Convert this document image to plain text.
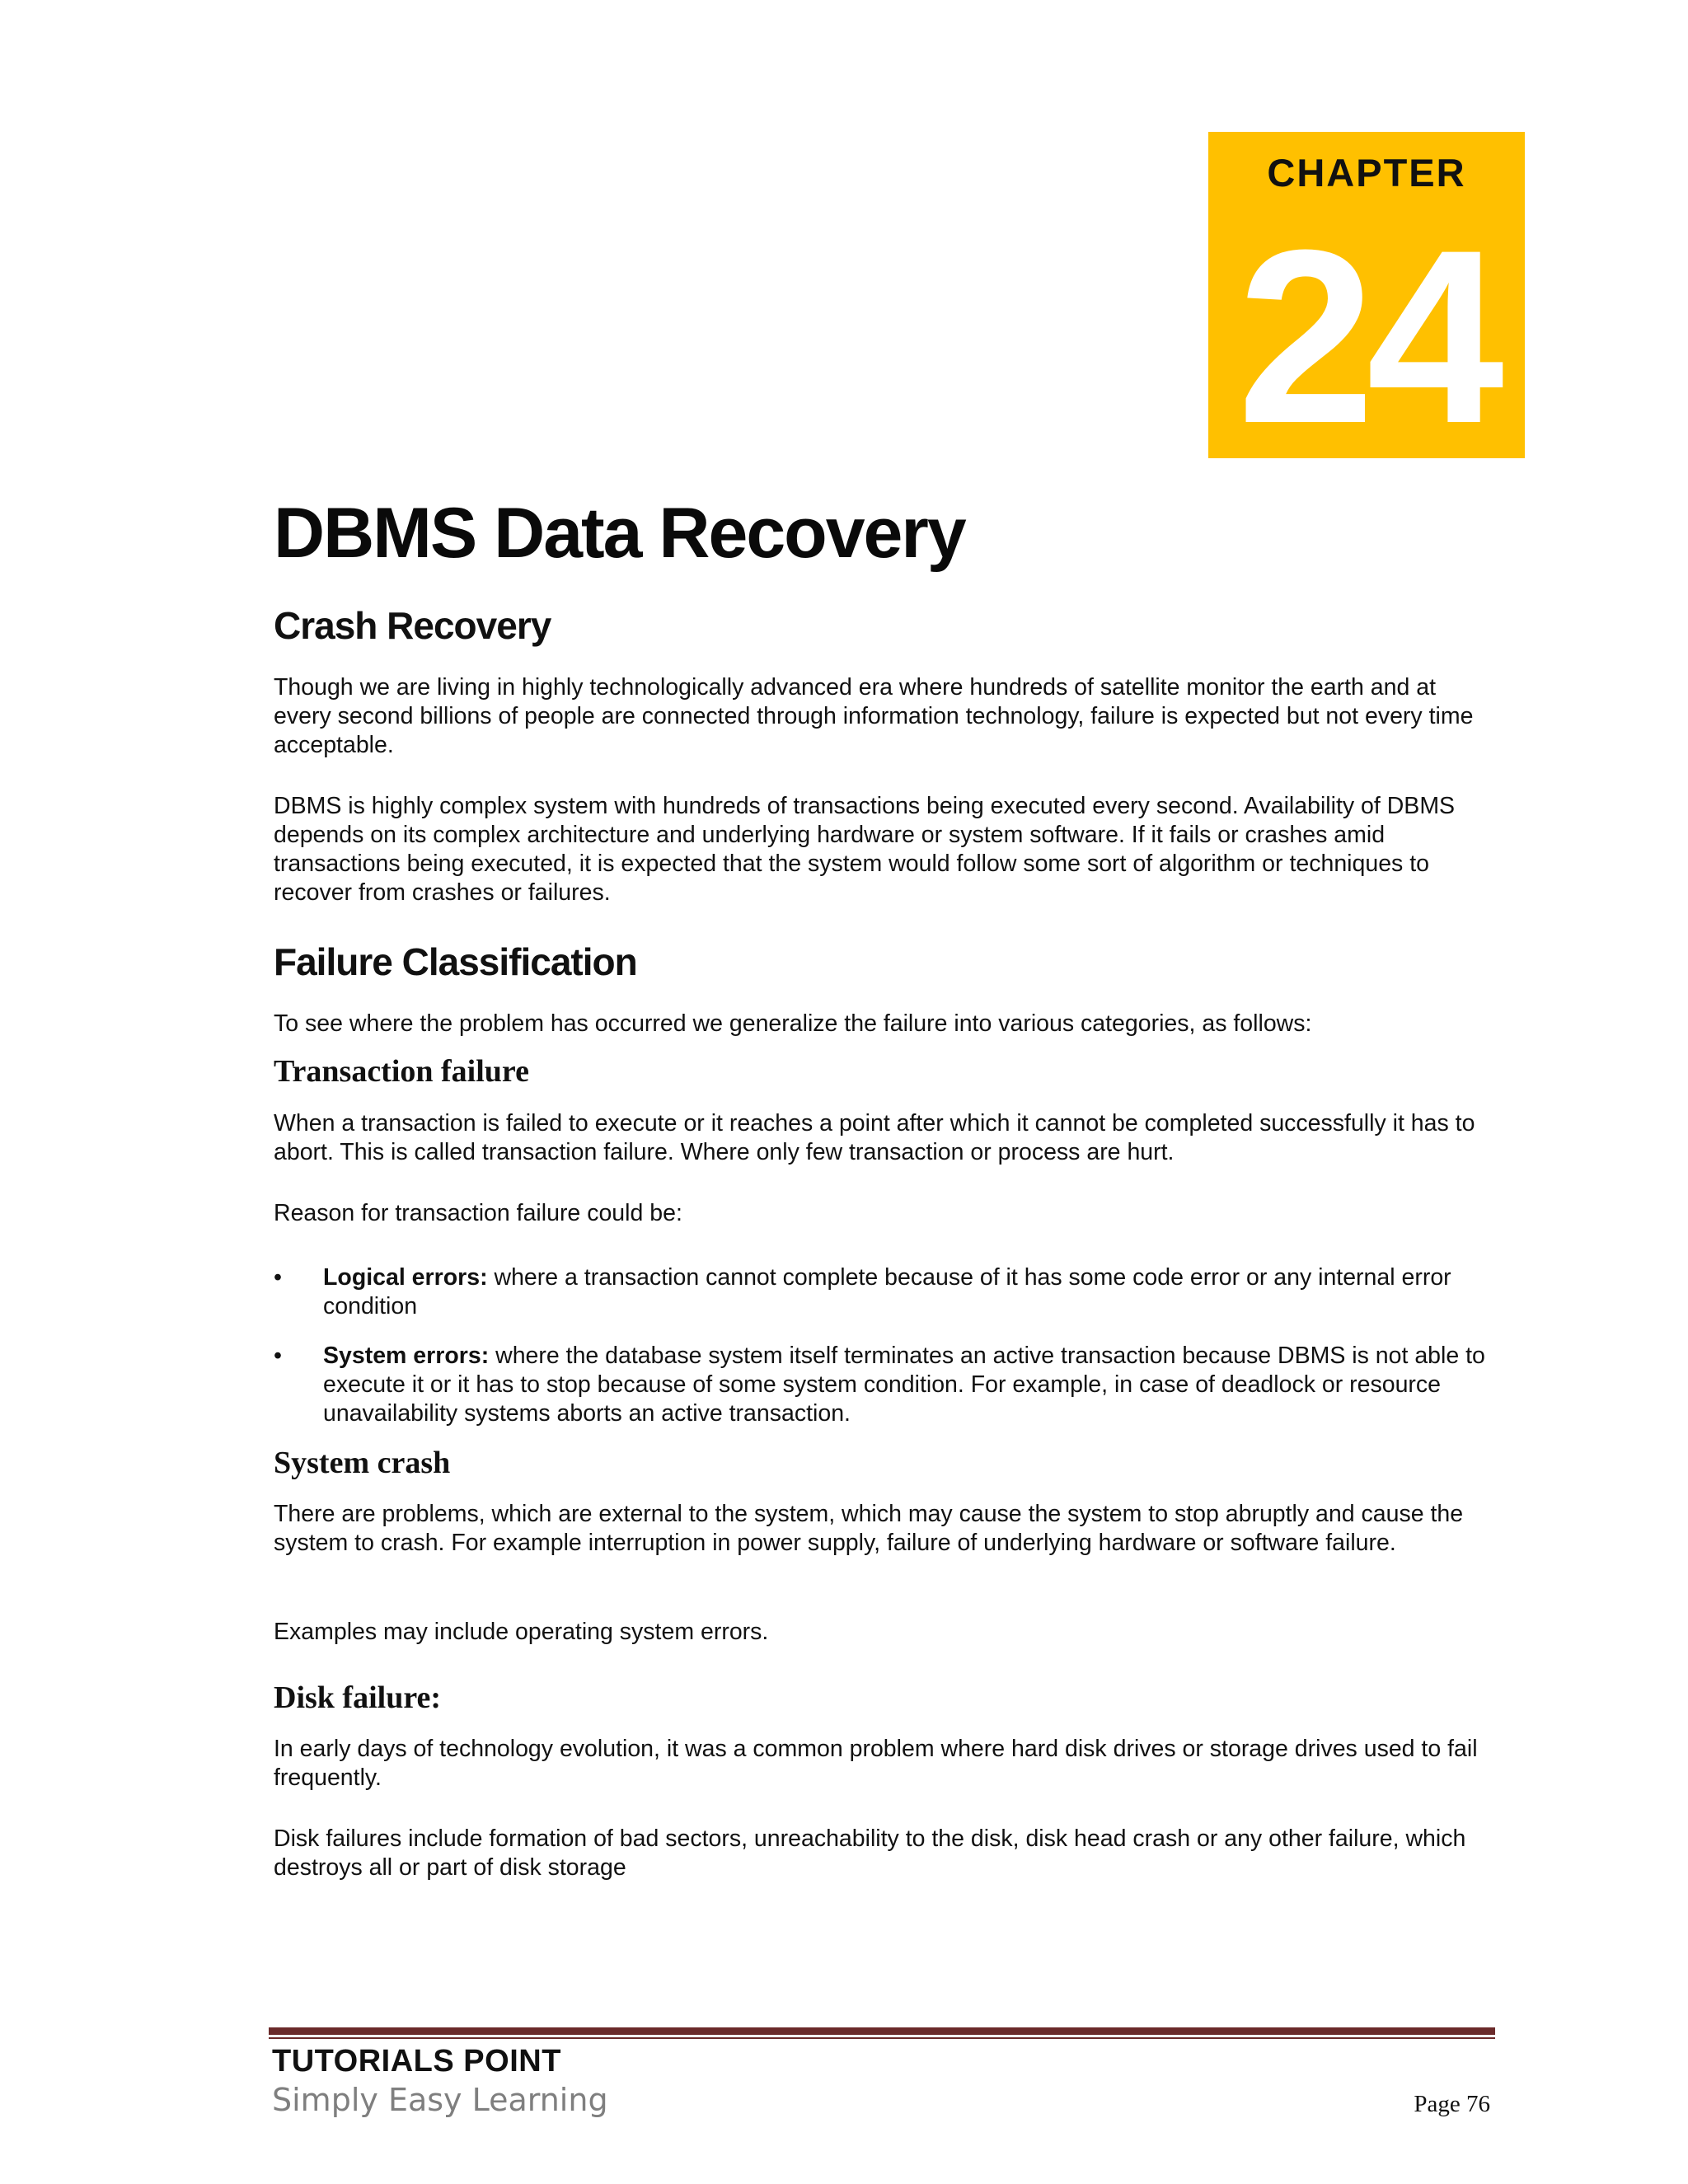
CHAPTER
24
DBMS Data Recovery
Crash Recovery

Though we are living in highly technologically advanced era where hundreds of satellite monitor the earth and at every second billions of people are connected through information technology, failure is expected but not every time acceptable.

DBMS is highly complex system with hundreds of transactions being executed every second. Availability of DBMS depends on its complex architecture and underlying hardware or system software. If it fails or crashes amid transactions being executed, it is expected that the system would follow some sort of algorithm or techniques to recover from crashes or failures.

Failure Classification

To see where the problem has occurred we generalize the failure into various categories, as follows:

Transaction failure

When a transaction is failed to execute or it reaches a point after which it cannot be completed successfully it has to abort. This is called transaction failure. Where only few transaction or process are hurt.

Reason for transaction failure could be:

• Logical errors: where a transaction cannot complete because of it has some code error or any internal error condition

• System errors: where the database system itself terminates an active transaction because DBMS is not able to execute it or it has to stop because of some system condition. For example, in case of deadlock or resource unavailability systems aborts an active transaction.

System crash

There are problems, which are external to the system, which may cause the system to stop abruptly and cause the system to crash. For example interruption in power supply, failure of underlying hardware or software failure.

Examples may include operating system errors.

Disk failure:

In early days of technology evolution, it was a common problem where hard disk drives or storage drives used to fail frequently.

Disk failures include formation of bad sectors, unreachability to the disk, disk head crash or any other failure, which destroys all or part of disk storage

TUTORIALS POINT

Simply Easy Learning	Page 76
